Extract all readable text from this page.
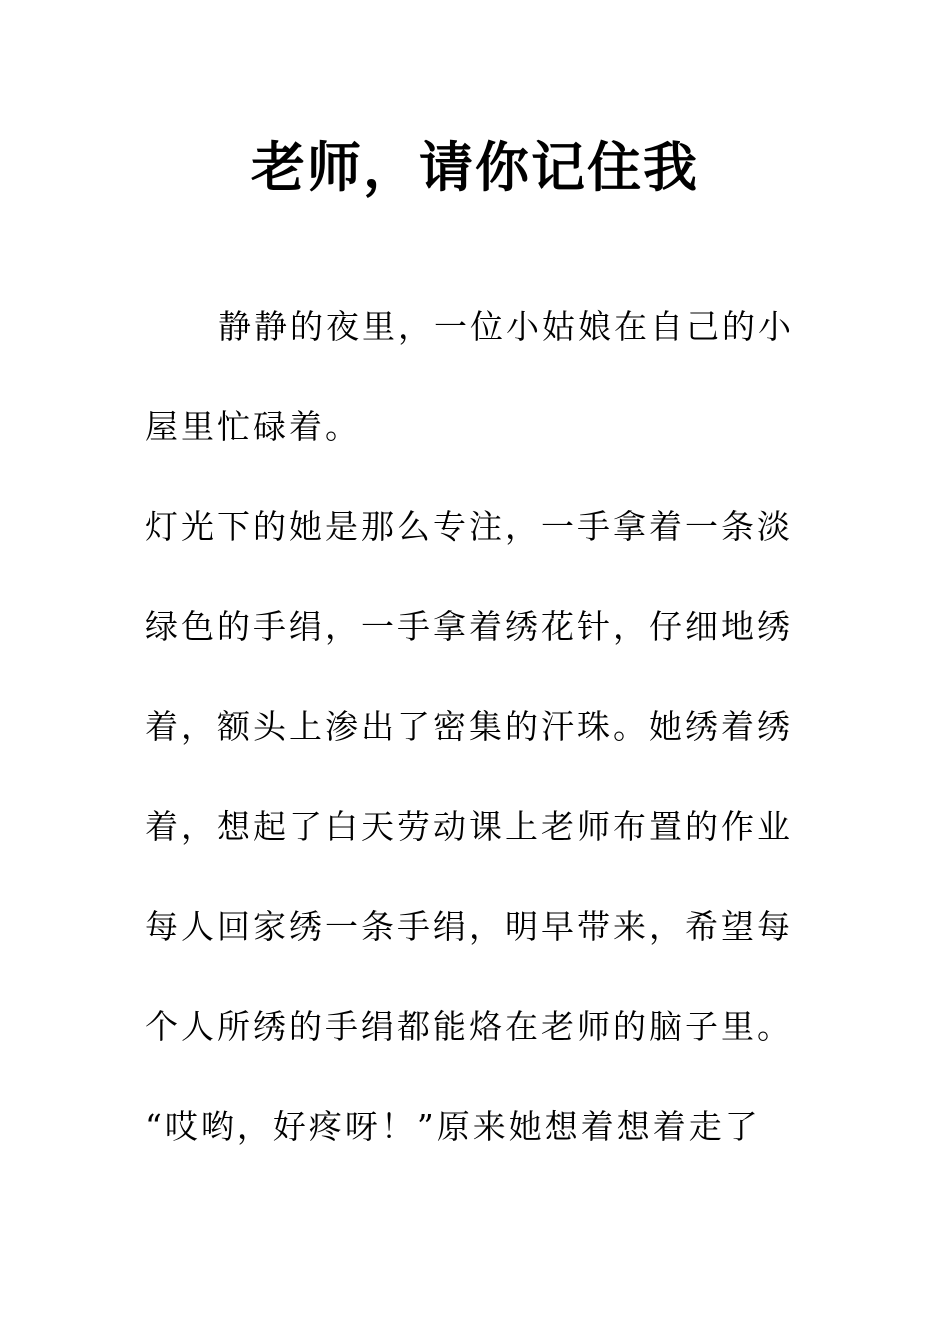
老师，请你记住我
静静的夜里，一位小姑娘在自己的小
屋里忙碌着。
灯光下的她是那么专注，一手拿着一条淡
绿色的手绢，一手拿着绣花针，仔细地绣
着，额头上渗出了密集的汗珠。她绣着绣
着，想起了白天劳动课上老师布置的作业
每人回家绣一条手绢，明早带来，希望每
个人所绣的手绢都能烙在老师的脑子里。
“哎哟，好疼呀！”原来她想着想着走了
